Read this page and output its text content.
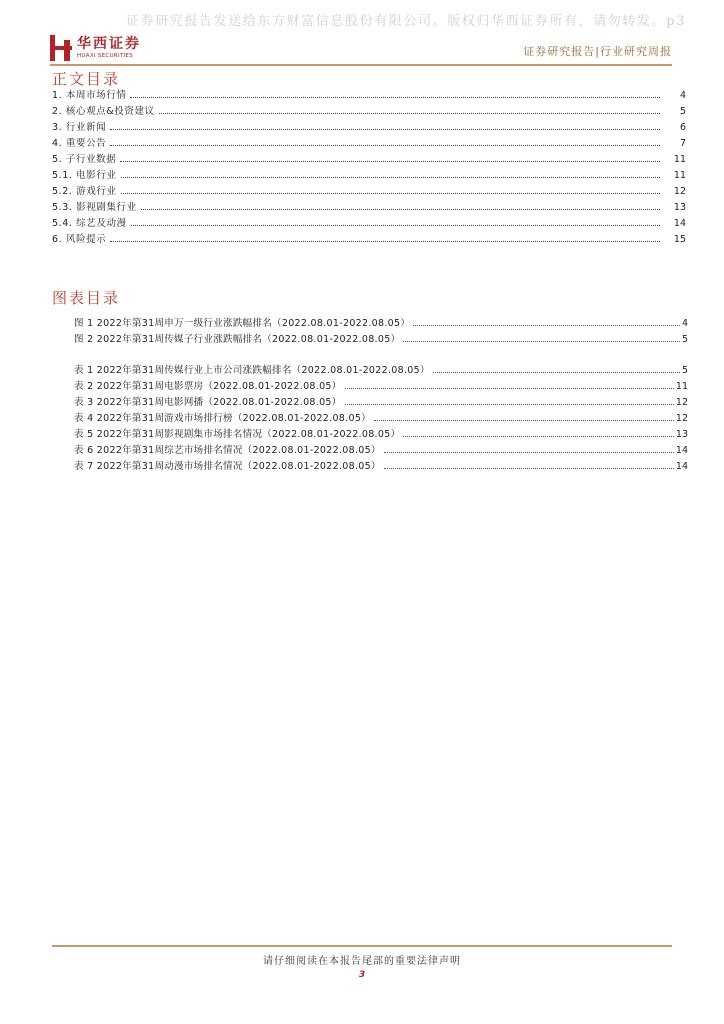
证券研究报告发送给东方财富信息股份有限公司。版权归华西证券所有，请勿转发。p3
华西证券
HUAXI SECURITIES	证券研究报告|行业研究周报
正文目录
1. 本周市场行情	4
2. 核心观点&投资建议	5
3. 行业新闻	6
4. 重要公告	7
5. 子行业数据	11
5.1. 电影行业	11
5.2. 游戏行业	12
5.3. 影视剧集行业	13
5.4. 综艺及动漫	14
6. 风险提示	15
图表目录
图 1 2022年第31周申万一级行业涨跌幅排名（2022.08.01-2022.08.05）	4
图 2 2022年第31周传媒子行业涨跌幅排名（2022.08.01-2022.08.05）	5
表 1 2022年第31周传媒行业上市公司涨跌幅排名（2022.08.01-2022.08.05）	5
表 2 2022年第31周电影票房（2022.08.01-2022.08.05）	11
表 3 2022年第31周电影网播（2022.08.01-2022.08.05）	12
表 4 2022年第31周游戏市场排行榜（2022.08.01-2022.08.05）	12
表 5 2022年第31周影视剧集市场排名情况（2022.08.01-2022.08.05）	13
表 6 2022年第31周综艺市场排名情况（2022.08.01-2022.08.05）	14
表 7 2022年第31周动漫市场排名情况（2022.08.01-2022.08.05）	14
请仔细阅读在本报告尾部的重要法律声明
3
